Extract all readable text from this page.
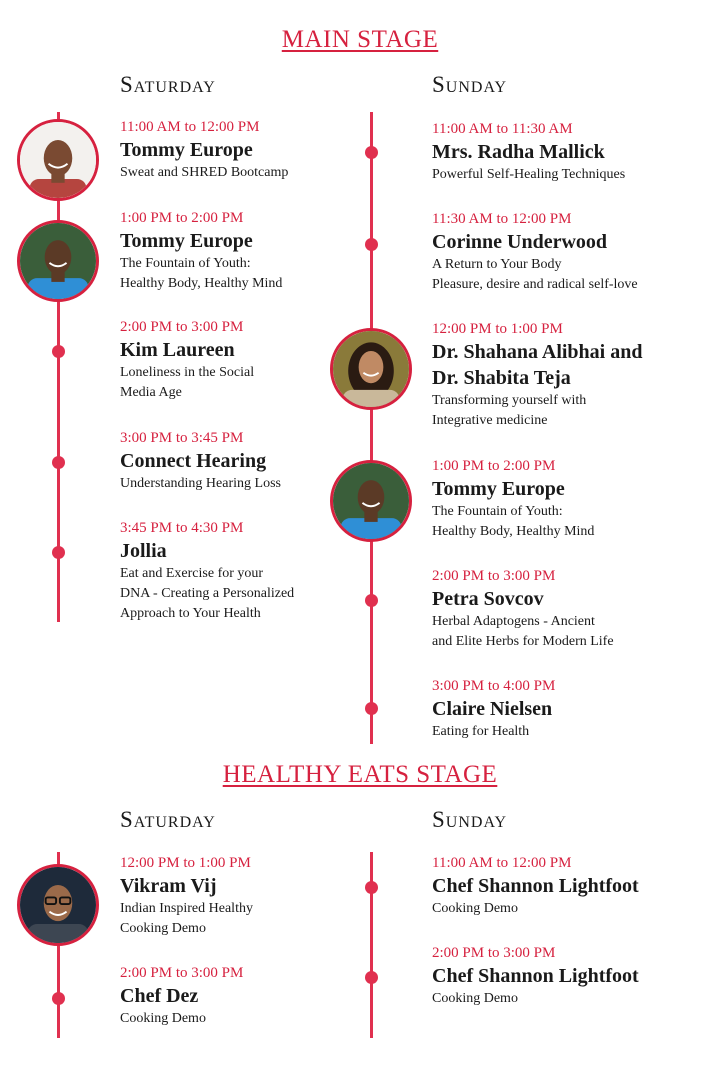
MAIN STAGE
Saturday	Sunday
11:00 AM to 12:00 PM
Tommy Europe
Sweat and SHRED Bootcamp
1:00 PM to 2:00 PM
Tommy Europe
The Fountain of Youth:
Healthy Body, Healthy Mind
2:00 PM to 3:00 PM
Kim Laureen
Loneliness in the Social
Media Age
3:00 PM to 3:45 PM
Connect Hearing
Understanding Hearing Loss
3:45 PM to 4:30 PM
Jollia
Eat and Exercise for your
DNA - Creating a Personalized
Approach to Your Health
11:00 AM to 11:30 AM
Mrs. Radha Mallick
Powerful Self-Healing Techniques
11:30 AM to 12:00 PM
Corinne Underwood
A Return to Your Body
Pleasure, desire and radical self-love
12:00 PM to 1:00 PM
Dr. Shahana Alibhai and
Dr. Shabita Teja
Transforming yourself with
Integrative medicine
1:00 PM to 2:00 PM
Tommy Europe
The Fountain of Youth:
Healthy Body, Healthy Mind
2:00 PM to 3:00 PM
Petra Sovcov
Herbal Adaptogens - Ancient
and Elite Herbs for Modern Life
3:00 PM to 4:00 PM
Claire Nielsen
Eating for Health
HEALTHY EATS STAGE
Saturday	Sunday
12:00 PM to 1:00 PM
Vikram Vij
Indian Inspired Healthy
Cooking Demo
2:00 PM to 3:00 PM
Chef Dez
Cooking Demo
11:00 AM to 12:00 PM
Chef Shannon Lightfoot
Cooking Demo
2:00 PM to 3:00 PM
Chef Shannon Lightfoot
Cooking Demo
